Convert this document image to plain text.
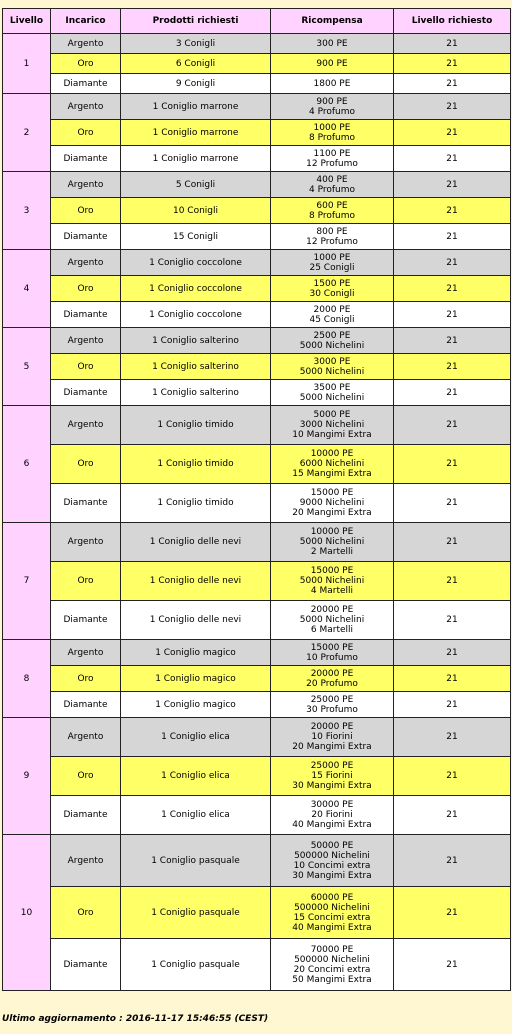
Livello	Incarico	Prodotti richiesti	Ricompensa	Livello richiesto
1	Argento	3 Conigli	300 PE	21
	Oro	6 Conigli	900 PE	21
	Diamante	9 Conigli	1800 PE	21
2	Argento	1 Coniglio marrone	900 PE
4 Profumo	21
	Oro	1 Coniglio marrone	1000 PE
8 Profumo	21
	Diamante	1 Coniglio marrone	1100 PE
12 Profumo	21
3	Argento	5 Conigli	400 PE
4 Profumo	21
	Oro	10 Conigli	600 PE
8 Profumo	21
	Diamante	15 Conigli	800 PE
12 Profumo	21
4	Argento	1 Coniglio coccolone	1000 PE
25 Conigli	21
	Oro	1 Coniglio coccolone	1500 PE
30 Conigli	21
	Diamante	1 Coniglio coccolone	2000 PE
45 Conigli	21
5	Argento	1 Coniglio salterino	2500 PE
5000 Nichelini	21
	Oro	1 Coniglio salterino	3000 PE
5000 Nichelini	21
	Diamante	1 Coniglio salterino	3500 PE
5000 Nichelini	21
6	Argento	1 Coniglio timido	5000 PE
3000 Nichelini
10 Mangimi Extra	21
	Oro	1 Coniglio timido	10000 PE
6000 Nichelini
15 Mangimi Extra	21
	Diamante	1 Coniglio timido	15000 PE
9000 Nichelini
20 Mangimi Extra	21
7	Argento	1 Coniglio delle nevi	10000 PE
5000 Nichelini
2 Martelli	21
	Oro	1 Coniglio delle nevi	15000 PE
5000 Nichelini
4 Martelli	21
	Diamante	1 Coniglio delle nevi	20000 PE
5000 Nichelini
6 Martelli	21
8	Argento	1 Coniglio magico	15000 PE
10 Profumo	21
	Oro	1 Coniglio magico	20000 PE
20 Profumo	21
	Diamante	1 Coniglio magico	25000 PE
30 Profumo	21
9	Argento	1 Coniglio elica	20000 PE
10 Fiorini
20 Mangimi Extra	21
	Oro	1 Coniglio elica	25000 PE
15 Fiorini
30 Mangimi Extra	21
	Diamante	1 Coniglio elica	30000 PE
20 Fiorini
40 Mangimi Extra	21
10	Argento	1 Coniglio pasquale	50000 PE
500000 Nichelini
10 Concimi extra
30 Mangimi Extra	21
	Oro	1 Coniglio pasquale	60000 PE
500000 Nichelini
15 Concimi extra
40 Mangimi Extra	21
	Diamante	1 Coniglio pasquale	70000 PE
500000 Nichelini
20 Concimi extra
50 Mangimi Extra	21
Ultimo aggiornamento : 2016-11-17 15:46:55 (CEST)
